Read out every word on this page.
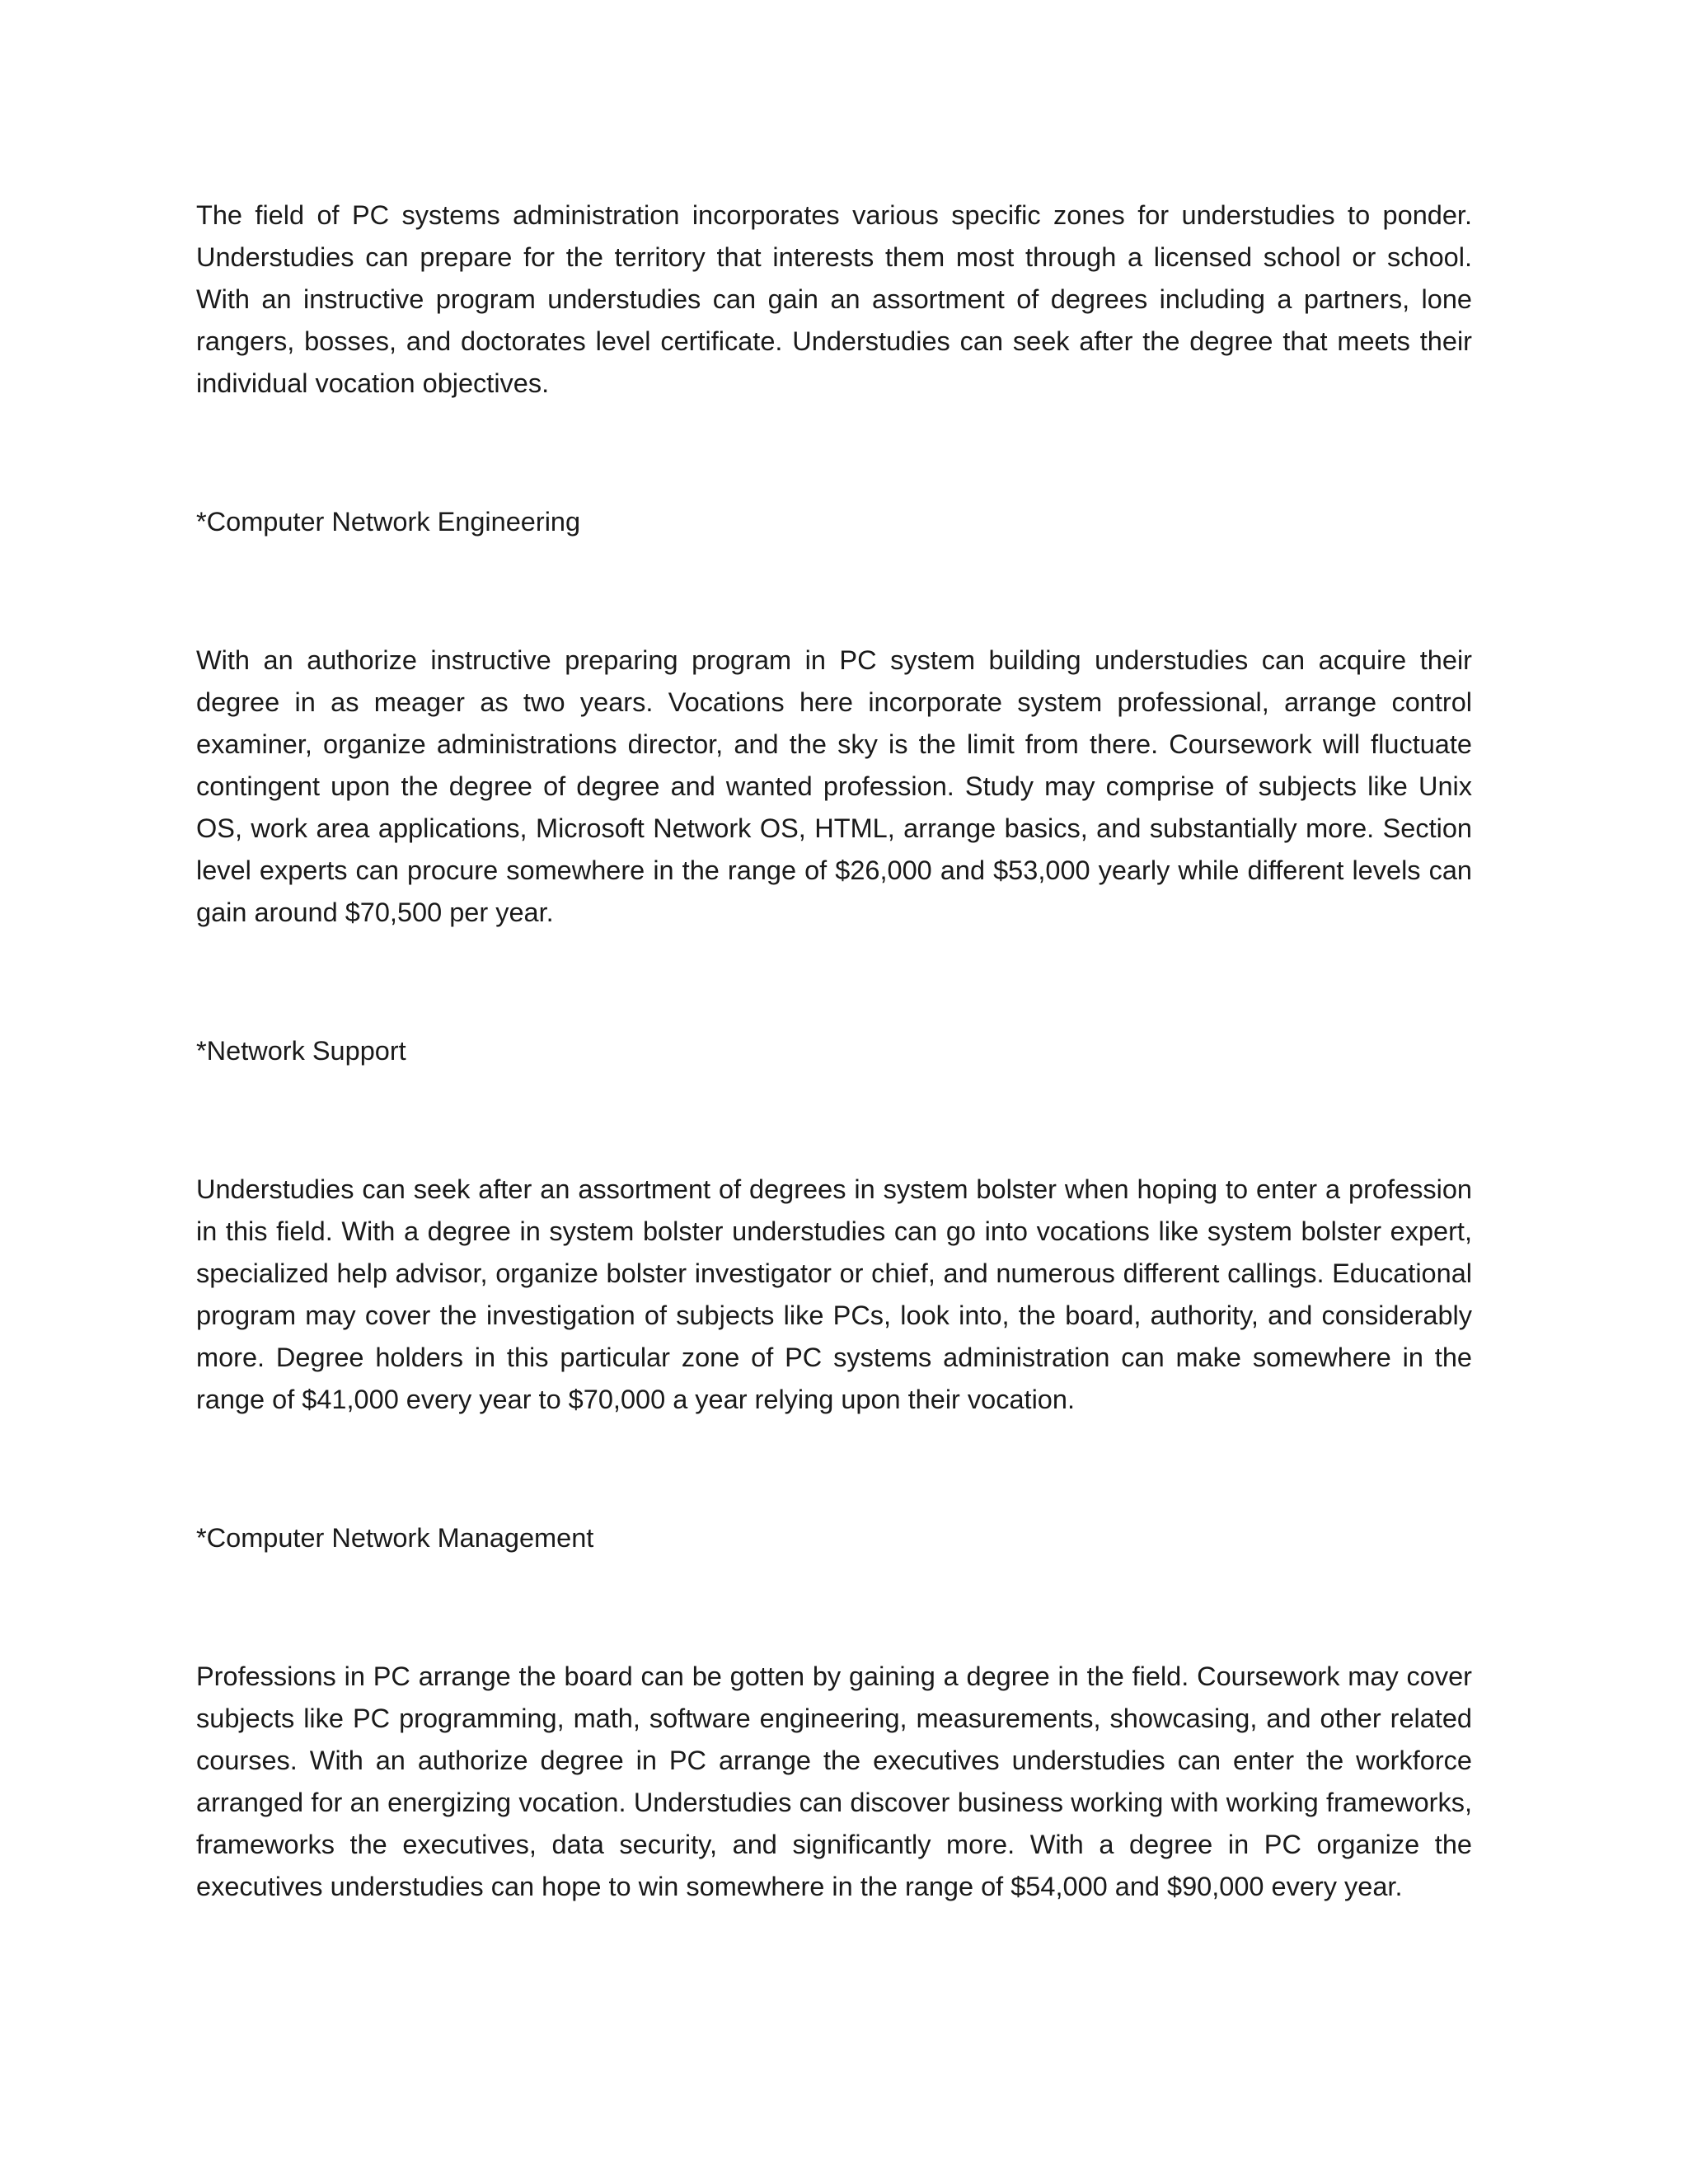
The field of PC systems administration incorporates various specific zones for understudies to ponder. Understudies can prepare for the territory that interests them most through a licensed school or school. With an instructive program understudies can gain an assortment of degrees including a partners, lone rangers, bosses, and doctorates level certificate. Understudies can seek after the degree that meets their individual vocation objectives.

*Computer Network Engineering

With an authorize instructive preparing program in PC system building understudies can acquire their degree in as meager as two years. Vocations here incorporate system professional, arrange control examiner, organize administrations director, and the sky is the limit from there. Coursework will fluctuate contingent upon the degree of degree and wanted profession. Study may comprise of subjects like Unix OS, work area applications, Microsoft Network OS, HTML, arrange basics, and substantially more. Section level experts can procure somewhere in the range of $26,000 and $53,000 yearly while different levels can gain around $70,500 per year.

*Network Support

Understudies can seek after an assortment of degrees in system bolster when hoping to enter a profession in this field. With a degree in system bolster understudies can go into vocations like system bolster expert, specialized help advisor, organize bolster investigator or chief, and numerous different callings. Educational program may cover the investigation of subjects like PCs, look into, the board, authority, and considerably more. Degree holders in this particular zone of PC systems administration can make somewhere in the range of $41,000 every year to $70,000 a year relying upon their vocation.

*Computer Network Management

Professions in PC arrange the board can be gotten by gaining a degree in the field. Coursework may cover subjects like PC programming, math, software engineering, measurements, showcasing, and other related courses. With an authorize degree in PC arrange the executives understudies can enter the workforce arranged for an energizing vocation. Understudies can discover business working with working frameworks, frameworks the executives, data security, and significantly more. With a degree in PC organize the executives understudies can hope to win somewhere in the range of $54,000 and $90,000 every year.
